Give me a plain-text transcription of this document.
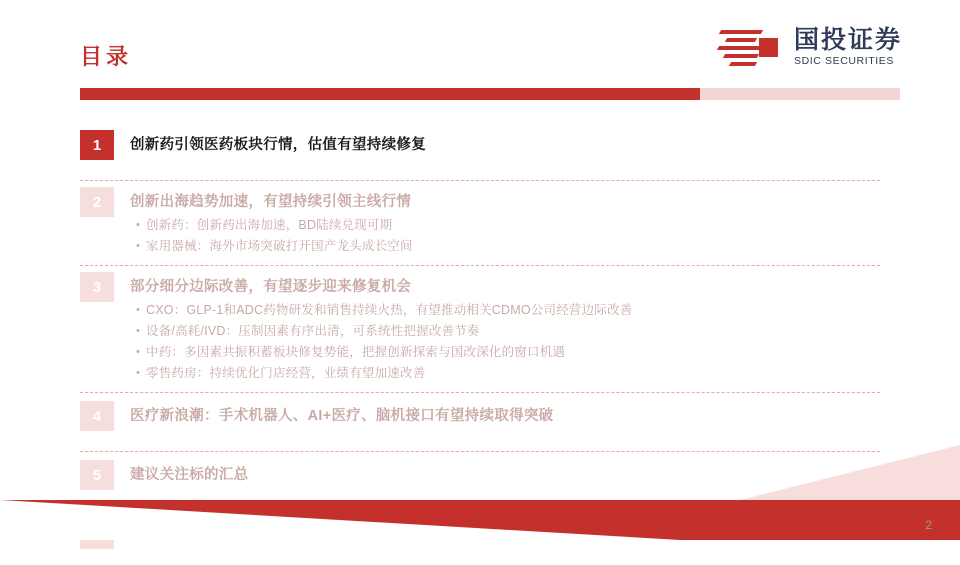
目录
国投证券
SDIC SECURITIES
1	创新药引领医药板块行情，估值有望持续修复
2	创新出海趋势加速，有望持续引领主线行情
• 创新药：创新药出海加速，BD陆续兑现可期
• 家用器械：海外市场突破打开国产龙头成长空间
3	部分细分边际改善，有望逐步迎来修复机会
• CXO：GLP-1和ADC药物研发和销售持续火热，有望推动相关CDMO公司经营边际改善
• 设备/高耗/IVD：压制因素有序出清，可系统性把握改善节奏
• 中药：多因素共振积蓄板块修复势能，把握创新探索与国改深化的窗口机遇
• 零售药房：持续优化门店经营，业绩有望加速改善
4	医疗新浪潮：手术机器人、AI+医疗、脑机接口有望持续取得突破
5	建议关注标的汇总
2
